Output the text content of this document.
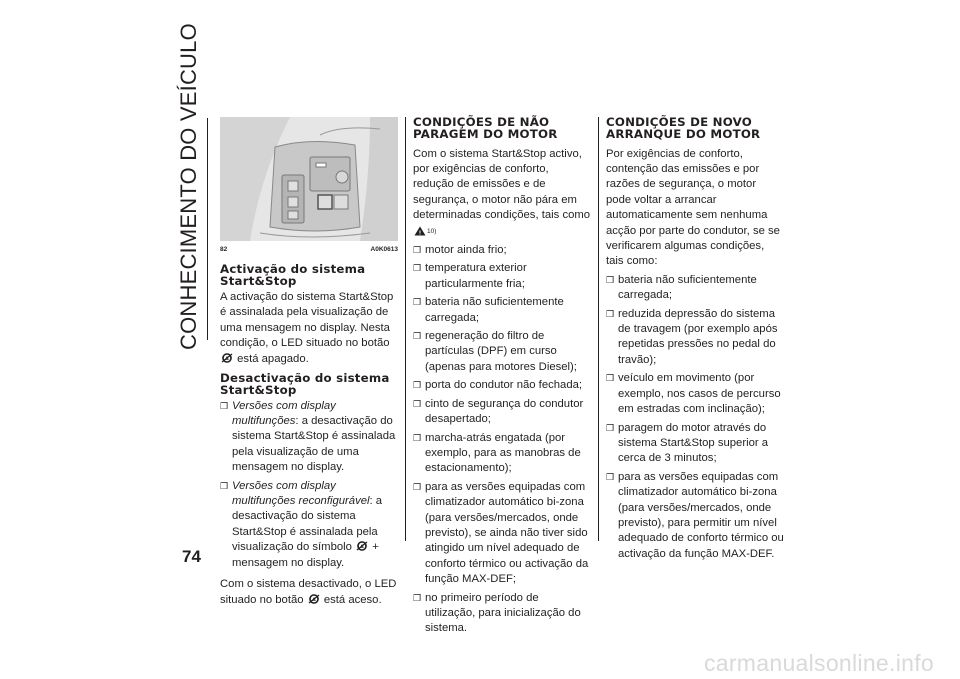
CONHECIMENTO DO VEÍCULO
74
82	A0K0613
Activação do sistema Start&Stop

A activação do sistema Start&Stop é assinalada pela visualização de uma mensagem no display. Nesta condição, o LED situado no botão
A está apagado.

Desactivação do sistema Start&Stop
❒ Versões com display multifunções: a desactivação do sistema Start&Stop é assinalada pela visualização de uma mensagem no display.
❒ Versões com display multifunções reconfigurável: a desactivação do sistema Start&Stop é assinalada pela visualização do símbolo A + mensagem no display.

Com o sistema desactivado, o LED situado no botão A está aceso.

CONDIÇÕES DE NÃO PARAGEM DO MOTOR

Com o sistema Start&Stop activo, por exigências de conforto, redução de emissões e de segurança, o motor não pára em determinadas condições, tais como
! 10)

❒ motor ainda frio;
❒ temperatura exterior particularmente fria;
❒ bateria não suficientemente carregada;
❒ regeneração do filtro de partículas (DPF) em curso (apenas para motores Diesel);
❒ porta do condutor não fechada;
❒ cinto de segurança do condutor desapertado;
❒ marcha-atrás engatada (por exemplo, para as manobras de estacionamento);
❒ para as versões equipadas com climatizador automático bi-zona (para versões/mercados, onde previsto), se ainda não tiver sido atingido um nível adequado de conforto térmico ou activação da função MAX-DEF;
❒ no primeiro período de utilização, para inicialização do sistema.
CONDIÇÕES DE NOVO ARRANQUE DO MOTOR

Por exigências de conforto, contenção das emissões e por razões de segurança, o motor pode voltar a arrancar automaticamente sem nenhuma acção por parte do condutor, se se verificarem algumas condições, tais como:

❒ bateria não suficientemente carregada;
❒ reduzida depressão do sistema de travagem (por exemplo após repetidas pressões no pedal do travão);
❒ veículo em movimento (por exemplo, nos casos de percurso em estradas com inclinação);
❒ paragem do motor através do sistema Start&Stop superior a cerca de 3 minutos;
❒ para as versões equipadas com climatizador automático bi-zona (para versões/mercados, onde previsto), para permitir um nível adequado de conforto térmico ou activação da função MAX-DEF.
carmanualsonline.info
